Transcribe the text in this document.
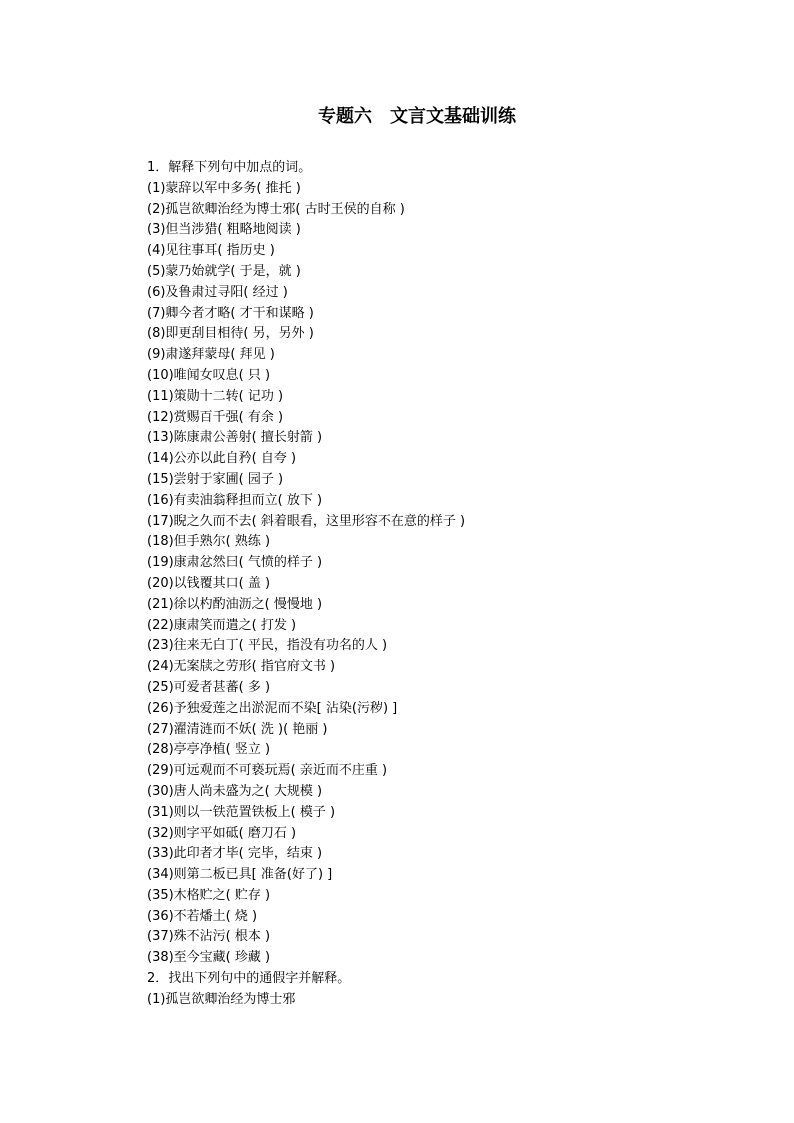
专题六　文言文基础训练
1．解释下列句中加点的词。
(1)蒙辞以军中多务( 推托 )
(2)孤岂欲卿治经为博士邪( 古时王侯的自称 )
(3)但当涉猎( 粗略地阅读 )
(4)见往事耳( 指历史 )
(5)蒙乃始就学( 于是，就 )
(6)及鲁肃过寻阳( 经过 )
(7)卿今者才略( 才干和谋略 )
(8)即更刮目相待( 另，另外 )
(9)肃遂拜蒙母( 拜见 )
(10)唯闻女叹息( 只 )
(11)策勋十二转( 记功 )
(12)赏赐百千强( 有余 )
(13)陈康肃公善射( 擅长射箭 )
(14)公亦以此自矜( 自夸 )
(15)尝射于家圃( 园子 )
(16)有卖油翁释担而立( 放下 )
(17)睨之久而不去( 斜着眼看，这里形容不在意的样子 )
(18)但手熟尔( 熟练 )
(19)康肃忿然曰( 气愤的样子 )
(20)以钱覆其口( 盖 )
(21)徐以杓酌油沥之( 慢慢地 )
(22)康肃笑而遣之( 打发 )
(23)往来无白丁( 平民，指没有功名的人 )
(24)无案牍之劳形( 指官府文书 )
(25)可爱者甚蕃( 多 )
(26)予独爱莲之出淤泥而不染[ 沾染(污秽) ]
(27)濯清涟而不妖( 洗 )( 艳丽 )
(28)亭亭净植( 竖立 )
(29)可远观而不可亵玩焉( 亲近而不庄重 )
(30)唐人尚未盛为之( 大规模 )
(31)则以一铁范置铁板上( 模子 )
(32)则字平如砥( 磨刀石 )
(33)此印者才毕( 完毕，结束 )
(34)则第二板已具[ 准备(好了) ]
(35)木格贮之( 贮存 )
(36)不若燔土( 烧 )
(37)殊不沾污( 根本 )
(38)至今宝藏( 珍藏 )
2．找出下列句中的通假字并解释。
(1)孤岂欲卿治经为博士邪
